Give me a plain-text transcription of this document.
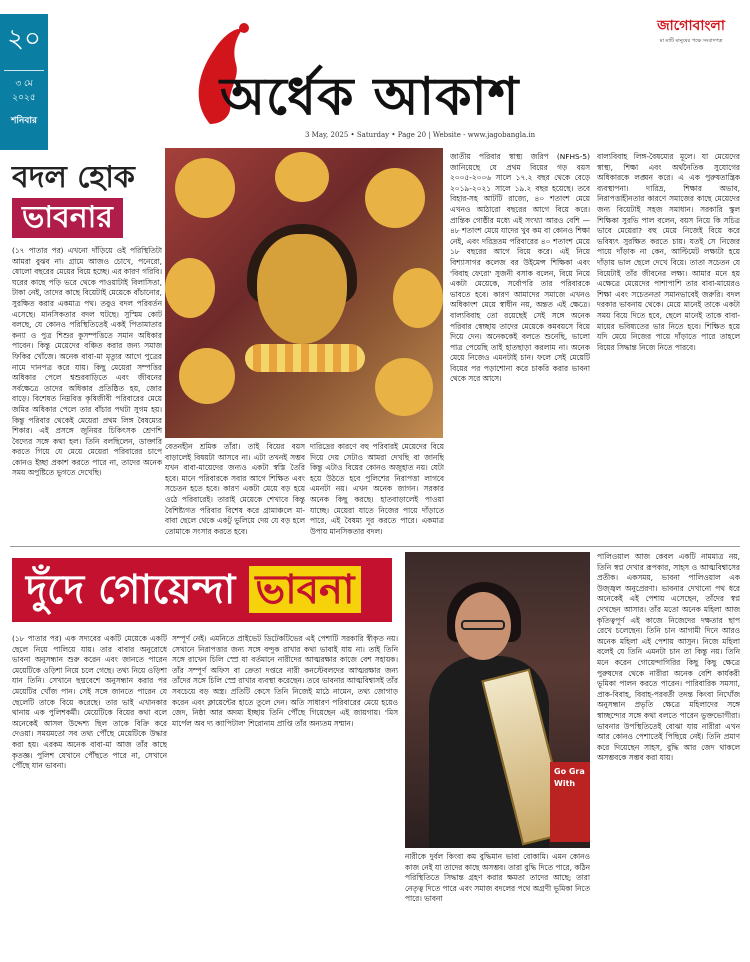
২০
৩ মে
২০২৫
শনিবার	অর্ধেক আকাশ
জাগোবাংলা
মা মাটি মানুষের পক্ষে সংবাদপত্র
3 May, 2025 • Saturday • Page 20 | Website - www.jagobangla.in
বদল হোক
ভাবনার
(১৭ পাতার পর) এখনো দাঁড়িয়ে ওই পরিস্থিতিটা আমরা বুঝব না। গ্রামে আজও চোখে, পনেরো, ষোলো বছরের মেয়ের বিয়ে হচ্ছে। এর কারণ গরিবি। ঘরের কাছে পড়ি ভরে থেকে পাওয়াটাই বিলাসিতা, টাকা নেই, তাদের কাছে বিয়েটাই মেয়েকে বাঁচানোর, সুরক্ষিত করার একমাত্র পথ। তবুও বদল পরিবর্তন এসেছে। মানসিকতার বদল ঘটছে। সুস্মিম কোট বলছে, যে কোনও পরিস্থিতিতেই একই পিতামাতার কন্যা ও পুত্র শিশুর কুসম্পত্তিতে সমান অধিকার পাবেন। কিন্তু মেয়েদের বঞ্চিত করার জন্য সমাজ ফিকির খোঁজে। অনেক বাবা-মা মৃত্যুর আগে পুত্রের নামে দানপত্র করে যায়। কিছু মেয়েরা সম্পত্তির অধিকার পেলে শ্বশুরবাড়িতে এবং জীবনের সর্বক্ষেত্রে তাদের অধিকার প্রতিষ্ঠিত হয়, জোর বাড়ে। বিশেষত নিম্নবিত্ত কৃষিজীবী পরিবারের মেয়ে জমির অধিকার পেলে তার বাঁচার পথটা সুগম হয়। কিন্তু পরিবার থেকেই মেয়েরা প্রথম লিঙ্গ বৈষম্যের শিকার। এই প্রসঙ্গে জুনিয়র চিকিৎসক শ্রেণশি বৈদ্যের সঙ্গে কথা হল। তিনি বলছিলেন, ডাক্তারি করতে গিয়ে যে মেয়ে মেয়েরা পরিবারের চাপে কোনও ইচ্ছা প্রকাশ করতে পারে না, তাদের অনেক সময় অপুষ্টিতে ভুগতে দেখেছি।
বেতনহীন শ্রমিক তাঁরা। তাই বিয়ের বয়স বাড়ালেই বিষয়টা আসবে না। এটা তখনই সম্ভব যখন বাবা-মায়েদের জন্যও একটা স্বস্তি তৈরি হবে। মানে পরিবারকে সবার আগে শিক্ষিত এবং সচেতন হতে হবে। কারণ একটা মেয়ে বড় হয়ে ওঠে পরিবারেই। তারাই মেয়েকে শেখাবে কিন্তু বৈশিষ্ট্যগত পরিবার বিশেষ করে গ্রামাঞ্চলে মা-বাবা ছেলে থেকে একটু ভুলিয়ে দেয় যে বড় হলে তোমাকে সংসার করতে হবে।
দারিদ্রের কারণে বহু পরিবারই মেয়েদের বিয়ে দিয়ে দেয় সেটাও আমরা দেখছি বা জানছি কিন্তু এটাও বিয়ের কোনও অজুহাত নয়। যেটা হয়ে উঠতে হবে পুলিশের নিরাপত্তা লাগবে এমনটা নয়। এখন অনেক জাগন। সরকার অনেক কিছু করছে। হাতবাড়ালেই পাওয়া যাচ্ছে। মেয়েরা যাতে নিজের পায়ে দাঁড়াতে পারে, এই বৈষম্য দূর করতে পারে। একমাত্র উপায় মানসিকতার বদল।
জাতীয় পরিবার স্বাস্থ্য জরিপ (NFHS-5) জানিয়েছে যে প্রথম বিয়ের গড় বয়স ২০০৫-২০০৬ সালে ১৭.২ বছর থেকে বেড়ে ২০১৯-২০২১ সালে ১৯.২ বছর হয়েছে। তবে বিহার-সহ আটটি রাজ্যে, ৪০ শতাংশ মেয়ে এখনও আঠারো বছরের আগে বিয়ে করে। প্রান্তিক গোষ্ঠীর মধ্যে এই সংখ্যা আরও বেশি — ৪৮ শতাংশ মেয়ে যাদের খুব কম বা কোনও শিক্ষা নেই, এবং দরিদ্রতম পরিবারের ৪০ শতাংশ মেয়ে ১৮ বছরের আগে বিয়ে করে। এই নিয়ে বিশ্যাসাগর কলেজ বর উইমেন্স শিক্ষিকা এবং 'বিবাহ ফেরো' সুজনী বসাক বলেন, বিয়ে নিয়ে একটা মেয়েকে, সর্বোপরি তার পরিবারকে ভাবতে হবে। কারণ আমাদের সমাজে এখনও অধিকাংশ মেয়ে স্বাধীন নয়, অন্তত এই ক্ষেত্রে। বাল্যবিবাহ তো রয়েছেই সেই সঙ্গে অনেক পরিবার স্বেচ্ছায় তাদের মেয়েকে কমবয়সে বিয়ে দিয়ে দেন। অনেককেই বলতে শুনেছি, ভালো পাত্র পেয়েছি তাই হাতছাড়া করলাম না। অনেক মেয়ে নিজেও এমনটাই চান। ফলে সেই মেয়েটি বিয়ের পর পড়াশোনা করে চাকরি করার ভাবনা থেকে সরে আসে।
বাল্যবিবাহ লিঙ্গ-বৈষম্যের মূলে। যা মেয়েদের স্বাস্থ্য, শিক্ষা এবং অর্থনৈতিক সুযোগের অধিকারকে লঙ্ঘন করে। এ এক পুরুষতান্ত্রিক ব্যবস্থাপনা। দারিদ্র, শিক্ষার অভাব, নিরাপত্তাহীনতার কারণে সমাজের কাছে মেয়েদের জন্য বিয়েটাই সহজ সমাধান। সরকারি স্কুল শিক্ষিকা সুরভি পাল বলেন, বয়স নিয়ে কি সচিত্র ভাবে মেয়েরা? বহু মেয়ে নিজেই বিয়ে করে ভবিষ্যৎ সুরক্ষিত করতে চায়। যতই সে নিজের পায়ে দাঁড়াক না কেন, আল্টিমেট লক্ষ্যটা হয়ে দাঁড়ায় ভাল ছেলে দেখে বিয়ে। তাতা সচেতন যে বিয়েটাই তাঁর জীবনের লক্ষ্য। আমার মনে হয় এক্ষেত্রে মেয়েদের পাশাপাশি তার বাবা-মায়েরও শিক্ষা এবং সচেতনতা সমানভাবেই জরুরি। বদল দরকার ভাবনায় থেকে। মেয়ে মানেই তাকে একটা সময় বিয়ে দিতে হবে, ছেলে মানেই তাকে বাবা-মায়ের ভবিষ্যতের ভার নিতে হবে। শিক্ষিত হয়ে যদি মেয়ে নিজের পায়ে দাঁড়াতে পারে তাহলে বিয়ের সিদ্ধান্ত নিজে নিতে পারবে।
দুঁদে গোয়েন্দা ভাবনা
(১৮ পাতার পর) এক সদ্যবের একটি মেয়েকে একটি ছেলে নিয়ে পালিয়ে যায়। তার বাবার অনুরোধে ভাবনা অনুসন্ধান শুরু করেন এবং জানতে পারেন মেয়েটিকে ওড়িশা নিয়ে চলে গেছে। তথ্য নিয়ে ওড়িশা যান তিনি। সেখানে ছদ্মবেশে অনুসন্ধান করার পর মেয়েটির খোঁজ পান। সেই সঙ্গে জানতে পারেন যে ছেলেটি তাকে বিয়ে করেছে। তার ভাই এখানকার থানায় এক পুলিশকর্মী। মেয়েটিকে বিয়ের কথা বলে অনেকেই আসল উদ্দেশ্য ছিল তাকে বিক্রি করে দেওয়া। সময়মতো সব তথ্য পৌঁছে মেয়েটিকে উদ্ধার করা হয়। এরকম অনেক বাবা-মা আজ তাঁর কাছে কৃতজ্ঞ। পুলিশ যেখানে পৌঁছতে পারে না, সেখানে পৌঁছে যান ভাবনা।
সম্পূর্ণ নেই। এমনিতে প্রাইভেট ডিটেকটিভের এই পেশাটি সরকারি স্বীকৃত নয়। সেখানে নিরাপত্তার জন্য সঙ্গে বন্দুক রাখার কথা ভাবাই যায় না। তাই তিনি সঙ্গে রাখেন চিলি স্প্রে যা বর্তমানে নারীদের আত্মরক্ষার কাজে বেশ সহায়ক। তাঁর সম্পূর্ণ অফিস বা ক্রেতা দপ্তরে নারী কনস্টেবলদের আত্মরক্ষার জন্য তাঁদের সঙ্গে চিলি স্প্রে রাখার ব্যবস্থা করেছেন। তবে ভাবনার আত্মবিশ্বাসই তাঁর সবচেয়ে বড় অস্ত্র। প্রতিটি কেসে তিনি নিজেই মাঠে নামেন, তথ্য জোগাড় করেন এবং ক্লায়েন্টের হাতে তুলে দেন। অতি সাধারণ পরিবারের মেয়ে হয়েও জেদ, নিষ্ঠা আর অদম্য ইচ্ছায় তিনি পৌঁছে গিয়েছেন এই জায়গায়। 'মিস মার্পেল অব দ্য ক্যাপিটাল' শিরোনাম প্রাপ্তি তাঁর অন্যতম সম্মান।
Go Gra With
নারীকে দুর্বল কিংবা কম বুদ্ধিমান ভাবা বোকামি। এমন কোনও কাজ নেই যা তাদের কাছে অসম্ভব। তারা বুদ্ধি দিতে পারে, কঠিন পরিস্থিতিতে সিদ্ধান্ত গ্রহণ করার ক্ষমতা তাদের আছে; তারা নেতৃত্ব দিতে পারে এবং সমাজ বদলের পথে অগ্রণী ভূমিকা নিতে পারে। ভাবনা
পালিওয়াল আজ কেবল একটি নামমাত্র নয়, তিনি স্বপ্ন দেখার রূপকার, সাহস ও আত্মবিশ্বাসের প্রতীক। একসময়, ভাবনা পালিওয়াল এক উজ্জ্বল অনুপ্রেরণা। ভাবনার দেখানো পথ ধরে অনেকেই এই পেশায় এসেছেন, তাঁদের স্বপ্ন দেখছেন আসার। তাঁর মতো অনেক মহিলা আজ কৃতিত্বপূর্ণ এই কাজে নিজেদের দক্ষতার ছাপ রেখে চলেছেন। তিনি চান আগামী দিনে আরও অনেক মহিলা এই পেশায় আসুন। নিজে মহিলা বলেই যে তিনি এমনটা চান তা কিন্তু নয়। তিনি মনে করেন গোয়েন্দাগিরির কিছু কিছু ক্ষেত্রে পুরুষদের থেকে নারীরা অনেক বেশি কার্যকরী ভূমিকা পালন করতে পারেন। পারিবারিক সমস্যা, প্রাক-বিবাহ, বিবাহ-পরবর্তী তদন্ত কিংবা নিখোঁজ অনুসন্ধান প্রভৃতি ক্ষেত্রে মহিলাদের সঙ্গে স্বাচ্ছন্দ্যের সঙ্গে কথা বলতে পারেন ভুক্তভোগীরা। ভাবনার উপস্থিতিতেই বোঝা যায় নারীরা এখন আর কোনও পেশাতেই পিছিয়ে নেই। তিনি প্রমাণ করে দিয়েছেন সাহস, বুদ্ধি আর জেদ থাকলে অসম্ভবকে সম্ভব করা যায়।
